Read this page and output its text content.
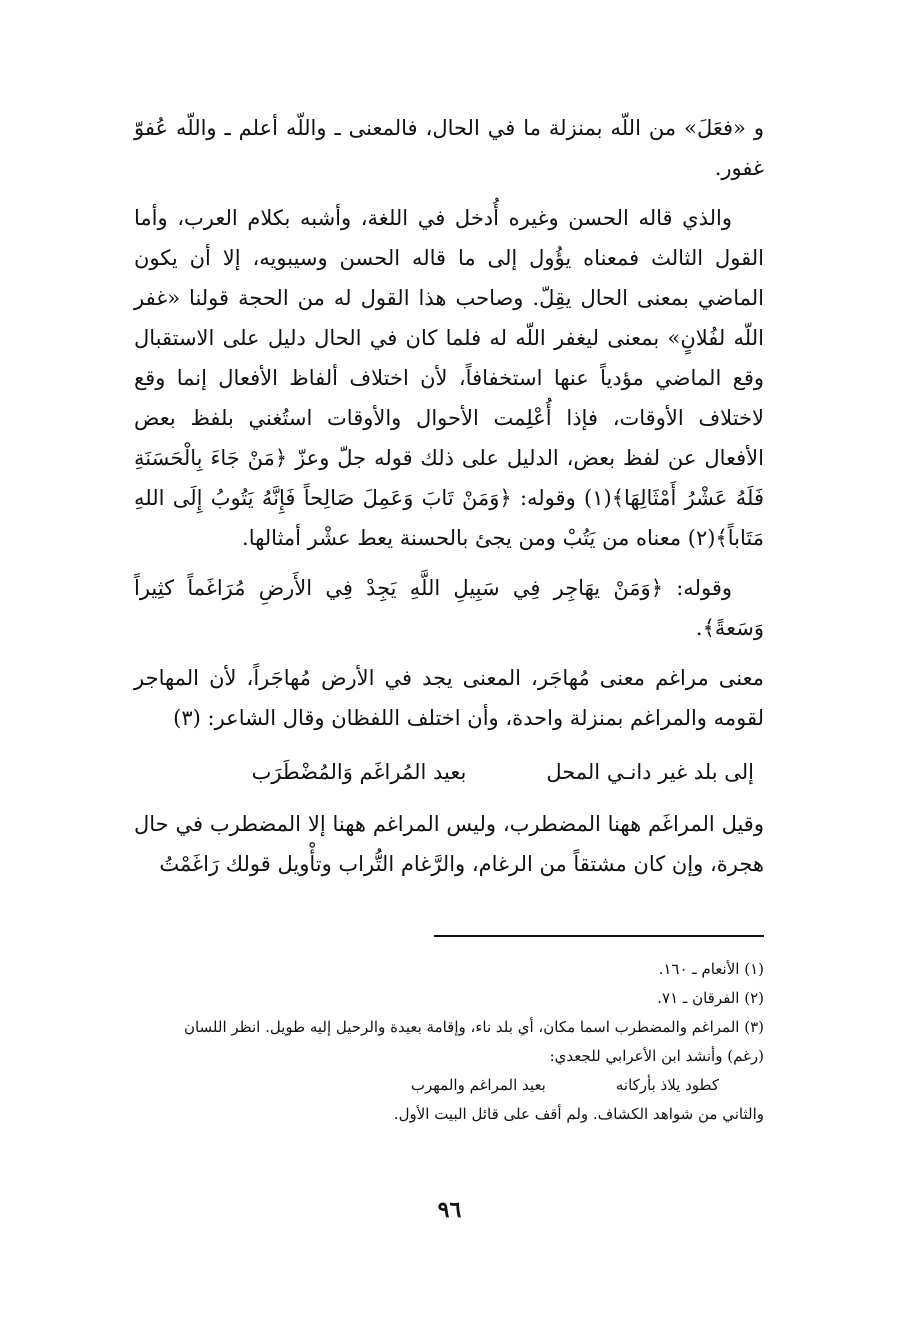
و «فعَلَ» من اللّه بمنزلة ما في الحال، فالمعنى ـ واللّه أعلم ـ واللّه عُفوّ غفور.

والذي قاله الحسن وغيره أُدخل في اللغة، وأشبه بكلام العرب، وأما القول الثالث فمعناه يؤُول إلى ما قاله الحسن وسيبويه، إلا أن يكون الماضي بمعنى الحال يقِلّ. وصاحب هذا القول له من الحجة قولنا «غفر اللّه لفُلانٍ» بمعنى ليغفر اللّه له فلما كان في الحال دليل على الاستقبال وقع الماضي مؤدياً عنها استخفافاً، لأن اختلاف ألفاظ الأفعال إنما وقع لاختلاف الأوقات، فإذا أُعْلِمت الأحوال والأوقات استُغني بلفظ بعض الأفعال عن لفظ بعض، الدليل على ذلك قوله جلّ وعزّ ﴿مَنْ جَاءَ بِالْحَسَنَةِ فَلَهُ عَشْرُ أَمْثَالِهَا﴾(١) وقوله: ﴿وَمَنْ تَابَ وَعَمِلَ صَالِحاً فَإِنَّهُ يَتُوبُ إِلَى اللهِ مَتَاباً﴾(٢) معناه من يَتُبْ ومن يجئ بالحسنة يعط عشْر أمثالها.

وقوله: ﴿وَمَنْ يهَاجِر فِي سَبِيلِ اللَّهِ يَجِدْ فِي الأَرضِ مُرَاغَماً كثِيراً وَسَعةً﴾.

معنى مراغم معنى مُهاجَر، المعنى يجد في الأرض مُهاجَراً، لأن المهاجر لقومه والمراغم بمنزلة واحدة، وأن اختلف اللفظان وقال الشاعر: (٣)

إلى بلد غير دانـي المحل
بعيد المُراغَم وَالمُضْطَرَب

وقيل المراغَم ههنا المضطرب، وليس المراغم ههنا إلا المضطرب في حال هجرة، وإن كان مشتقاً من الرغام، والرَّغام التُّراب وتأْويل قولك رَاغَمْتُ

(١) الأنعام ـ ١٦٠.

(٢) الفرقان ـ ٧١.

(٣) المراغم والمضطرب اسما مكان، أي بلد ناء، وإقامة بعيدة والرحيل إليه طويل. انظر اللسان

(رغم) وأنشد ابن الأعرابي للجعدي:

كطود يلاذ بأركانه
بعيد المراغم والمهرب

والثاني من شواهد الكشاف. ولم أقف على قائل البيت الأول.

٩٦
